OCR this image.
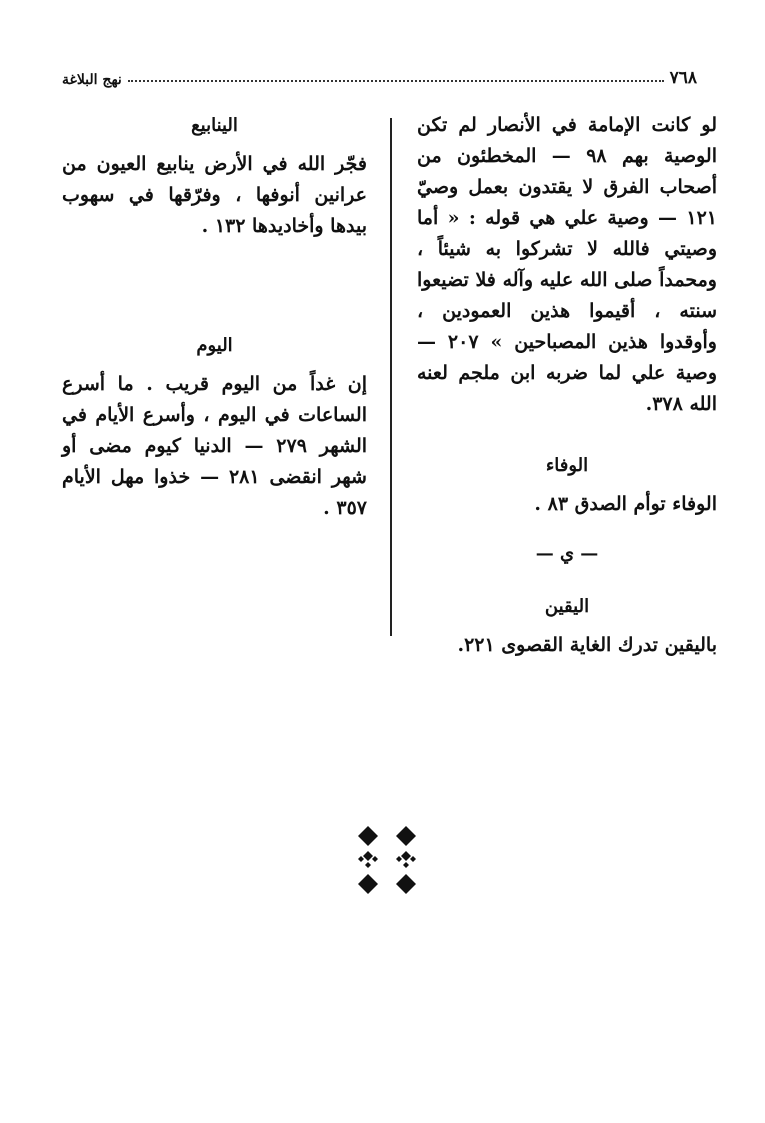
٧٦٨
نهج البلاغة

لو كانت الإمامة في الأنصار لم تكن الوصية بهم ٩٨ — المخطئون من أصحاب الفرق لا يقتدون بعمل وصيّ ١٢١ — وصية علي هي قوله : « أما وصيتي فالله لا تشركوا به شيئاً ، ومحمداً صلى الله عليه وآله فلا تضيعوا سنته ، أقيموا هذين العمودين ، وأوقدوا هذين المصباحين » ٢٠٧ — وصية علي لما ضربه ابن ملجم لعنه الله ٣٧٨.

الوفاء

الوفاء توأم الصدق ٨٣ .

— ي —
اليقين

باليقين تدرك الغاية القصوى ٢٢١.

الينابيع

فجّر الله في الأرض ينابيع العيون من عرانين أنوفها ، وفرّقها في سهوب بيدها وأخاديدها ١٣٢ .

اليوم

إن غداً من اليوم قريب . ما أسرع الساعات في اليوم ، وأسرع الأيام في الشهر ٢٧٩ — الدنيا كيوم مضى أو شهر انقضى ٢٨١ — خذوا مهل الأيام ٣٥٧ .
